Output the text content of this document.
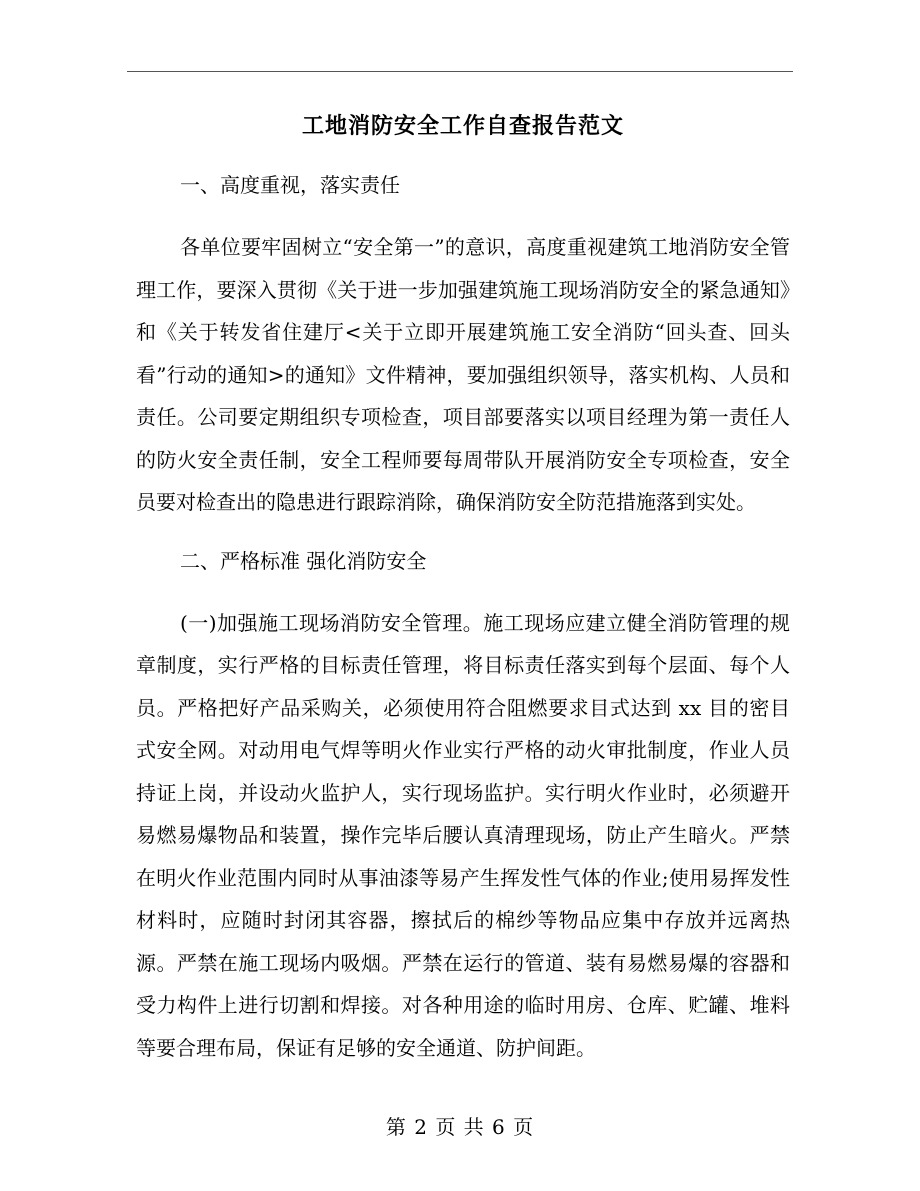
工地消防安全工作自查报告范文

一、高度重视，落实责任

各单位要牢固树立“安全第一”的意识，高度重视建筑工地消防安全管理工作，要深入贯彻《关于进一步加强建筑施工现场消防安全的紧急通知》和《关于转发省住建厅<关于立即开展建筑施工安全消防“回头查、回头看”行动的通知>的通知》文件精神，要加强组织领导，落实机构、人员和责任。公司要定期组织专项检查，项目部要落实以项目经理为第一责任人的防火安全责任制，安全工程师要每周带队开展消防安全专项检查，安全员要对检查出的隐患进行跟踪消除，确保消防安全防范措施落到实处。

二、严格标准 强化消防安全

(一)加强施工现场消防安全管理。施工现场应建立健全消防管理的规章制度，实行严格的目标责任管理，将目标责任落实到每个层面、每个人员。严格把好产品采购关，必须使用符合阻燃要求目式达到 xx 目的密目式安全网。对动用电气焊等明火作业实行严格的动火审批制度，作业人员持证上岗，并设动火监护人，实行现场监护。实行明火作业时，必须避开易燃易爆物品和装置，操作完毕后腰认真清理现场，防止产生暗火。严禁在明火作业范围内同时从事油漆等易产生挥发性气体的作业;使用易挥发性材料时，应随时封闭其容器，擦拭后的棉纱等物品应集中存放并远离热源。严禁在施工现场内吸烟。严禁在运行的管道、装有易燃易爆的容器和受力构件上进行切割和焊接。对各种用途的临时用房、仓库、贮罐、堆料等要合理布局，保证有足够的安全通道、防护间距。

第 2 页 共 6 页
